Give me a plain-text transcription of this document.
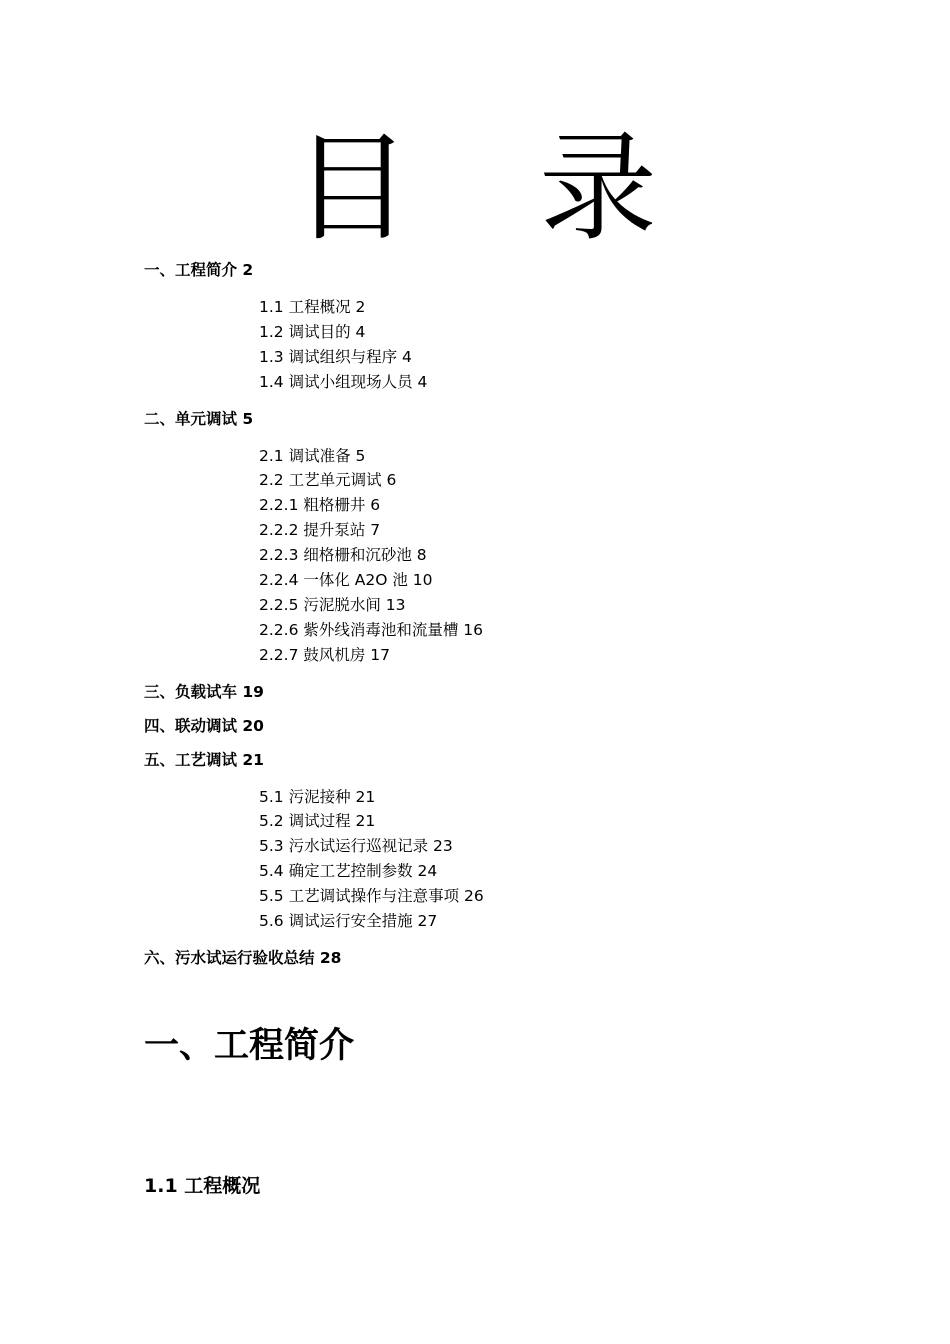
目 录
一、工程简介 2
1.1 工程概况 2
1.2 调试目的 4
1.3 调试组织与程序 4
1.4 调试小组现场人员 4
二、单元调试 5
2.1 调试准备 5
2.2 工艺单元调试 6
2.2.1 粗格栅井 6
2.2.2 提升泵站 7
2.2.3 细格栅和沉砂池 8
2.2.4 一体化 A2O 池 10
2.2.5 污泥脱水间 13
2.2.6 紫外线消毒池和流量槽 16
2.2.7 鼓风机房 17
三、负载试车 19
四、联动调试 20
五、工艺调试 21
5.1 污泥接种 21
5.2 调试过程 21
5.3 污水试运行巡视记录 23
5.4 确定工艺控制参数 24
5.5 工艺调试操作与注意事项 26
5.6 调试运行安全措施 27
六、污水试运行验收总结 28
一、工程简介
1.1 工程概况
